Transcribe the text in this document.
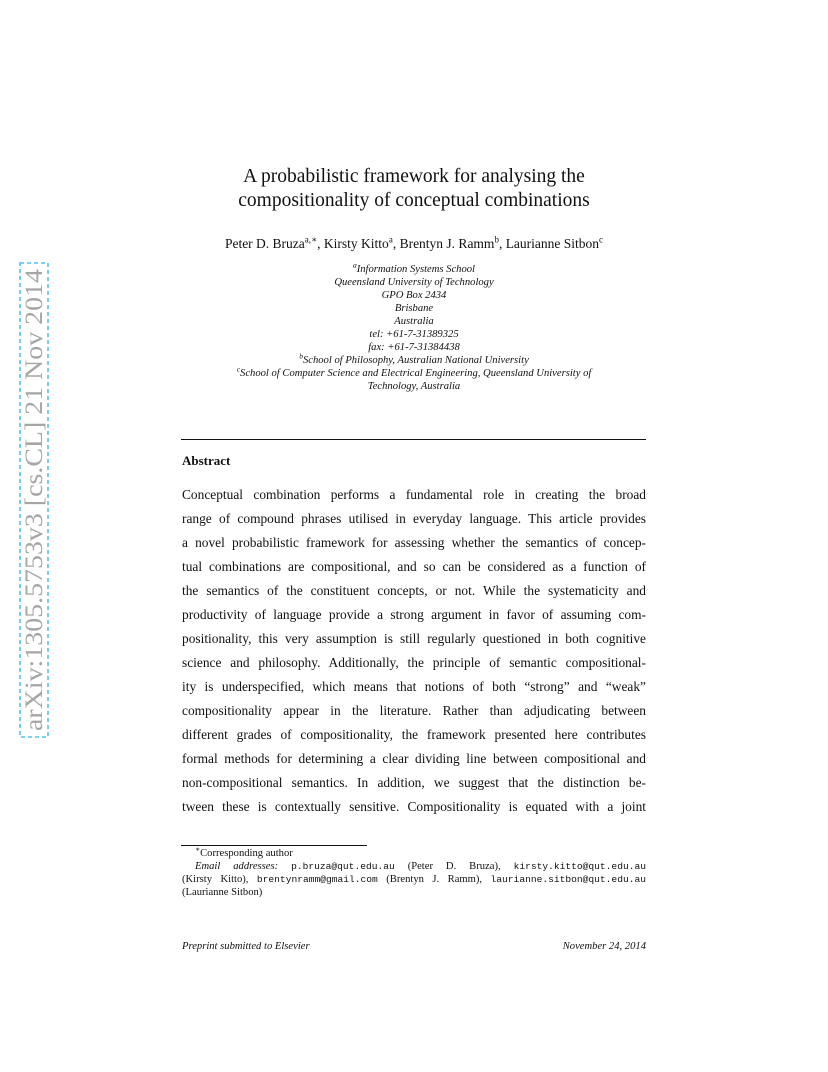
arXiv:1305.5753v3 [cs.CL] 21 Nov 2014
A probabilistic framework for analysing the
compositionality of conceptual combinations
Peter D. Bruza$^{a,∗}$, Kirsty Kitto$^a$, Brentyn J. Ramm$^b$, Laurianne Sitbon$^c$
$^a$Information Systems School
Queensland University of Technology
GPO Box 2434
Brisbane
Australia
tel: +61-7-31389325
fax: +61-7-31384438
$^b$School of Philosophy, Australian National University
$^c$School of Computer Science and Electrical Engineering, Queensland University of
Technology, Australia
Abstract
Conceptual combination performs a fundamental role in creating the broad
range of compound phrases utilised in everyday language. This article provides
a novel probabilistic framework for assessing whether the semantics of concep-
tual combinations are compositional, and so can be considered as a function of
the semantics of the constituent concepts, or not. While the systematicity and
productivity of language provide a strong argument in favor of assuming com-
positionality, this very assumption is still regularly questioned in both cognitive
science and philosophy. Additionally, the principle of semantic compositional-
ity is underspecified, which means that notions of both “strong” and “weak”
compositionality appear in the literature. Rather than adjudicating between
different grades of compositionality, the framework presented here contributes
formal methods for determining a clear dividing line between compositional and
non-compositional semantics. In addition, we suggest that the distinction be-
tween these is contextually sensitive. Compositionality is equated with a joint
∗Corresponding author
Email addresses: p.bruza@qut.edu.au (Peter D. Bruza), kirsty.kitto@qut.edu.au
(Kirsty Kitto), brentynramm@gmail.com (Brentyn J. Ramm), laurianne.sitbon@qut.edu.au
(Laurianne Sitbon)
Preprint submitted to Elsevier	November 24, 2014
